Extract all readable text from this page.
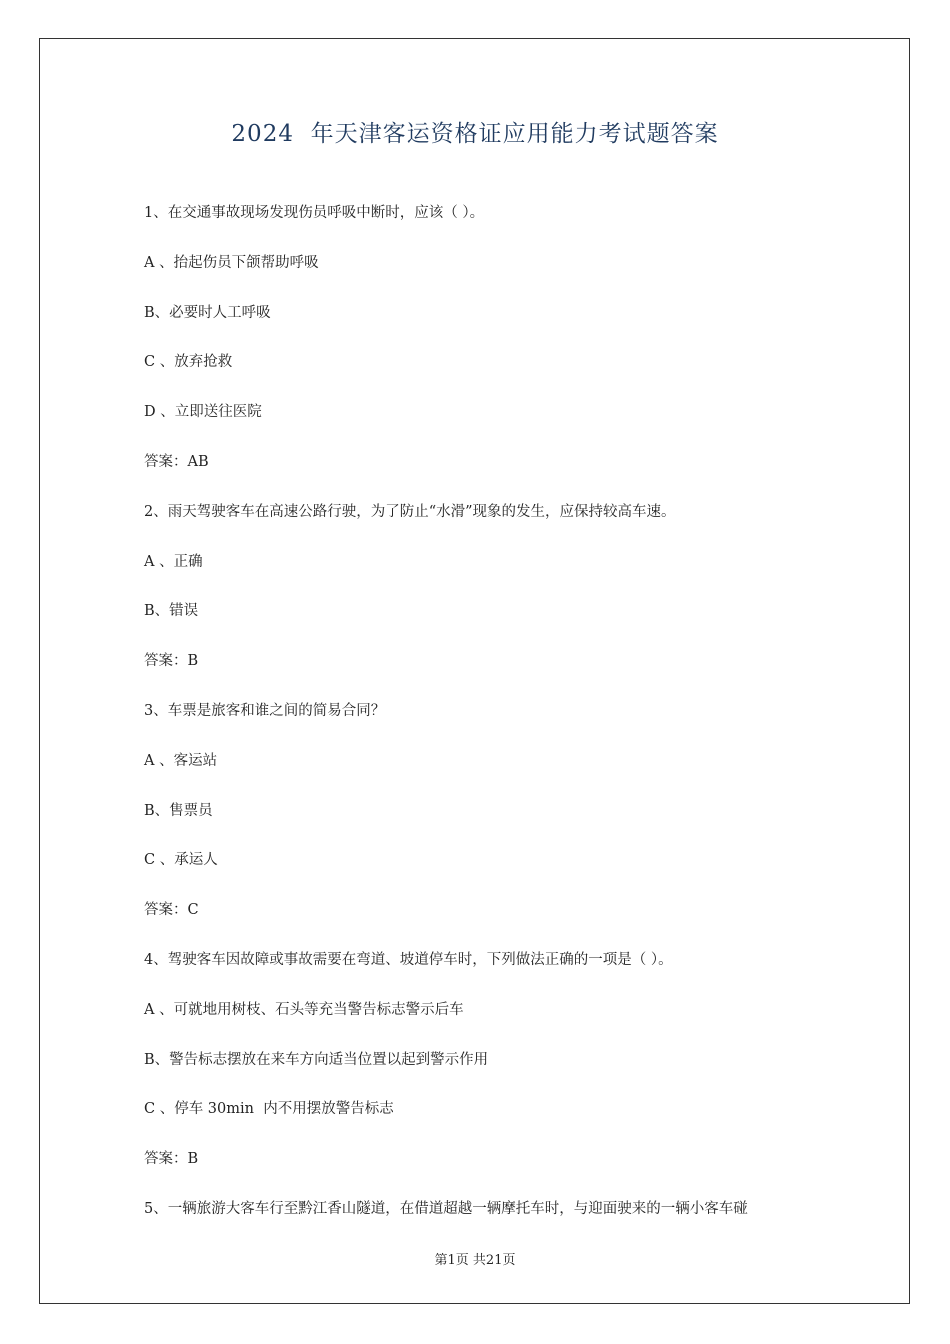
2024  年天津客运资格证应用能力考试题答案
1、在交通事故现场发现伤员呼吸中断时，应该（ ）。
A 、抬起伤员下颌帮助呼吸
B、必要时人工呼吸
C 、放弃抢救
D 、立即送往医院
答案：AB
2、雨天驾驶客车在高速公路行驶，为了防止“水滑”现象的发生，应保持较高车速。
A 、正确
B、错误
答案：B
3、车票是旅客和谁之间的简易合同？
A 、客运站
B、售票员
C 、承运人
答案：C
4、驾驶客车因故障或事故需要在弯道、坡道停车时，下列做法正确的一项是（ ）。
A 、可就地用树枝、石头等充当警告标志警示后车
B、警告标志摆放在来车方向适当位置以起到警示作用
C 、停车 30min  内不用摆放警告标志
答案：B
5、一辆旅游大客车行至黔江香山隧道，在借道超越一辆摩托车时，与迎面驶来的一辆小客车碰
第1页 共21页
